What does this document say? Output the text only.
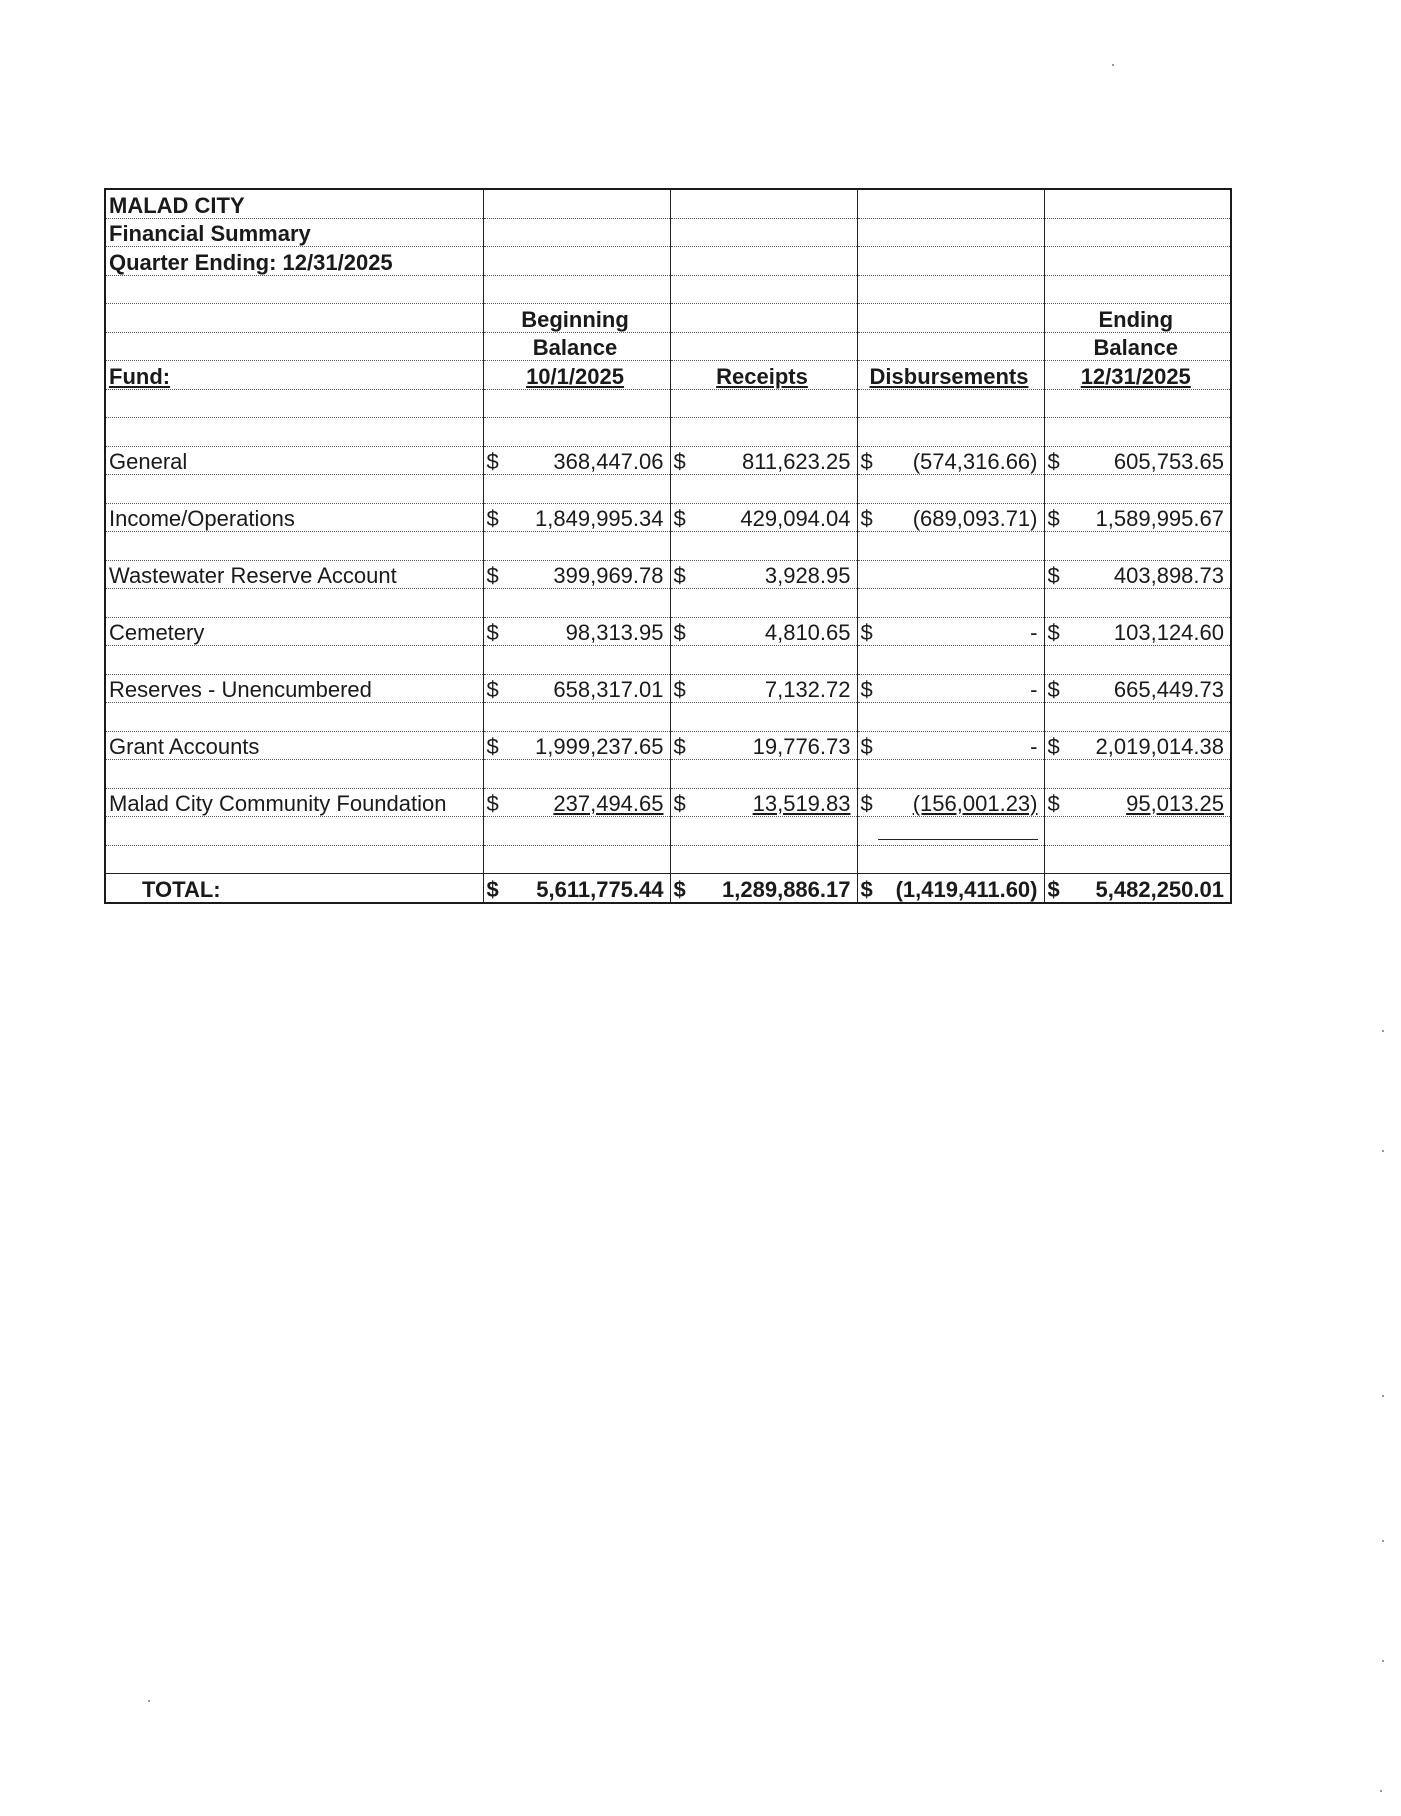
MALAD CITY				
Financial Summary				
Quarter Ending: 12/31/2025				

	Beginning			Ending
	Balance			Balance
Fund:	10/1/2025	Receipts	Disbursements	12/31/2025

General	$ 368,447.06	$ 811,623.25	$ (574,316.66)	$ 605,753.65

Income/Operations	$ 1,849,995.34	$ 429,094.04	$ (689,093.71)	$ 1,589,995.67

Wastewater Reserve Account	$ 399,969.78	$ 3,928.95		$ 403,898.73

Cemetery	$ 98,313.95	$ 4,810.65	$ -	$ 103,124.60

Reserves - Unencumbered	$ 658,317.01	$ 7,132.72	$ -	$ 665,449.73

Grant Accounts	$ 1,999,237.65	$ 19,776.73	$ -	$ 2,019,014.38

Malad City Community Foundation	$ 237,494.65	$ 13,519.83	$ (156,001.23)	$ 95,013.25

TOTAL:	$ 5,611,775.44	$ 1,289,886.17	$ (1,419,411.60)	$ 5,482,250.01
